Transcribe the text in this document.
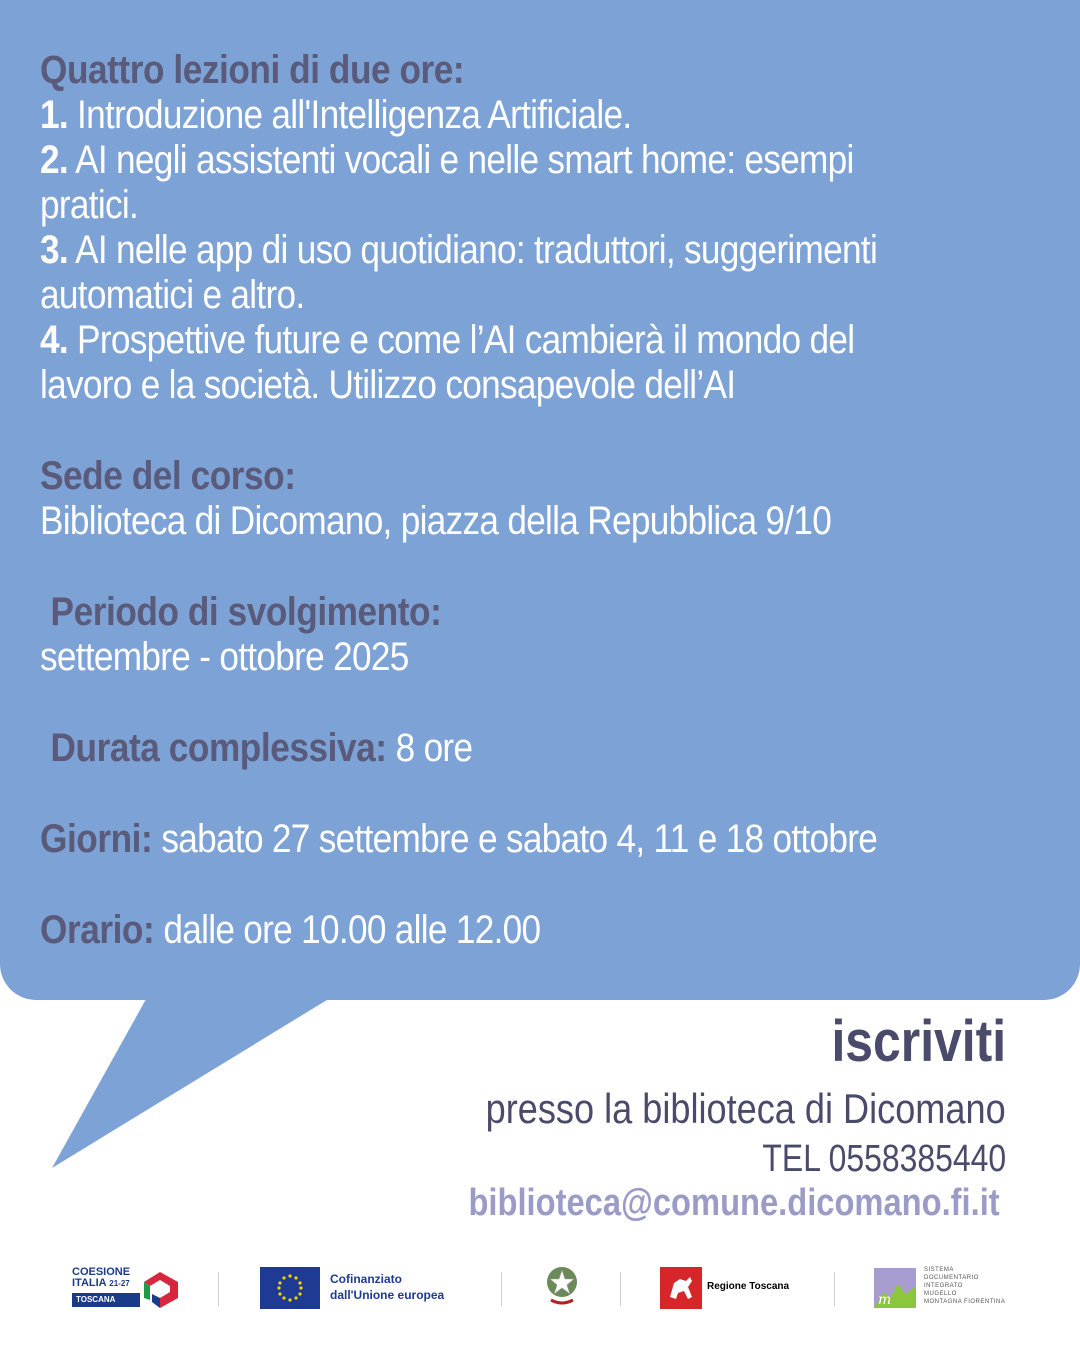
Quattro lezioni di due ore:
1. Introduzione all'Intelligenza Artificiale.
2. AI negli assistenti vocali e nelle smart home: esempi
pratici.
3. AI nelle app di uso quotidiano: traduttori, suggerimenti
automatici e altro.
4. Prospettive future e come l’AI cambierà il mondo del
lavoro e la società. Utilizzo consapevole dell’AI
Sede del corso:
Biblioteca di Dicomano, piazza della Repubblica 9/10
Periodo di svolgimento:
settembre - ottobre 2025
Durata complessiva: 8 ore
Giorni: sabato 27 settembre e sabato 4, 11 e 18 ottobre
Orario: dalle ore 10.00 alle 12.00
iscriviti
presso la biblioteca di Dicomano
TEL 0558385440
biblioteca@comune.dicomano.fi.it
COESIONE
ITALIA 21-27
TOSCANA
Cofinanziato
dall'Unione europea
Regione Toscana
m
SISTEMA
DOCUMENTARIO
INTEGRATO
MUGELLO
MONTAGNA FIORENTINA
